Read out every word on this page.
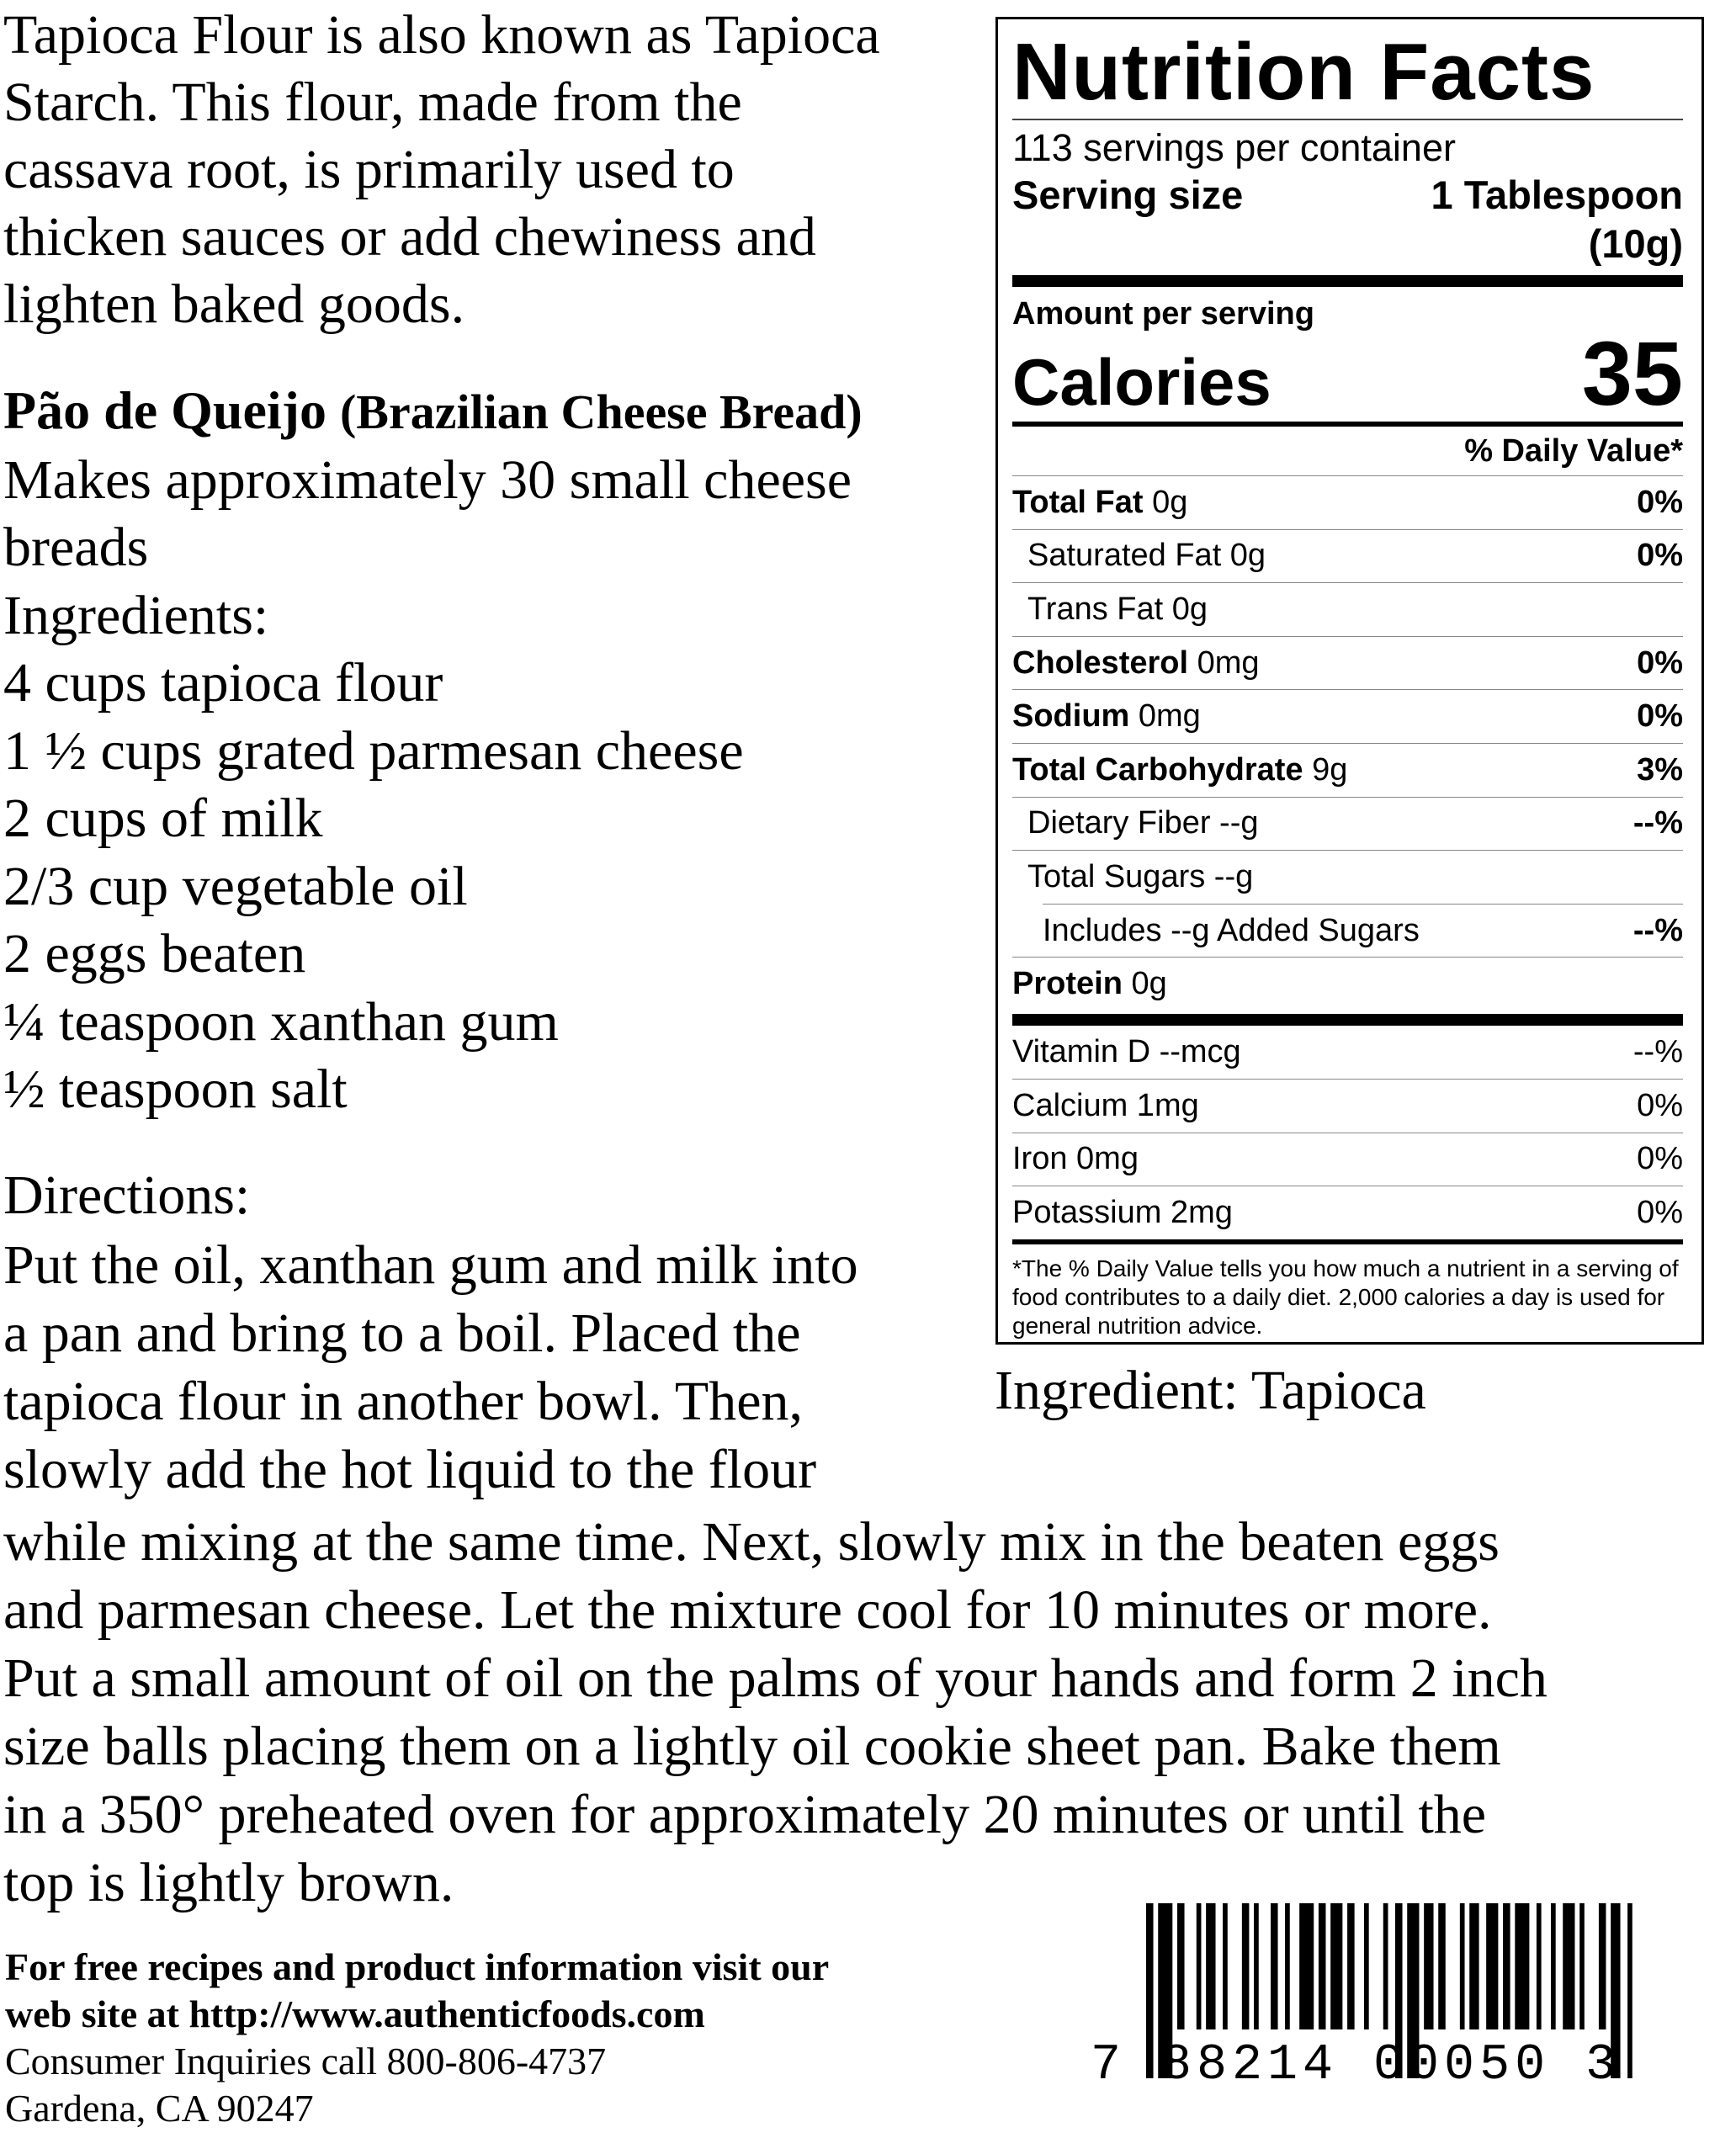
Tapioca Flour is also known as Tapioca
Starch. This flour, made from the
cassava root, is primarily used to
thicken sauces or add chewiness and
lighten baked goods.
Pão de Queijo (Brazilian Cheese Bread)
Makes approximately 30 small cheese
breads
Ingredients:
4 cups tapioca flour
1 ½ cups grated parmesan cheese
2 cups of milk
2/3 cup vegetable oil
2 eggs beaten
¼ teaspoon xanthan gum
½ teaspoon salt
Directions:
Put the oil, xanthan gum and milk into
a pan and bring to a boil. Placed the
tapioca flour in another bowl. Then,
slowly add the hot liquid to the flour
while mixing at the same time. Next, slowly mix in the beaten eggs
and parmesan cheese. Let the mixture cool for 10 minutes or more.
Put a small amount of oil on the palms of your hands and form 2 inch
size balls placing them on a lightly oil cookie sheet pan. Bake them
in a 350° preheated oven for approximately 20 minutes or until the
top is lightly brown.
Ingredient: Tapioca
Nutrition Facts
113 servings per container
Serving size	1 Tablespoon
(10g)
Amount per serving
Calories	35
% Daily Value*
Total Fat 0g	0%
Saturated Fat 0g	0%
Trans Fat 0g
Cholesterol 0mg	0%
Sodium 0mg	0%
Total Carbohydrate 9g	3%
Dietary Fiber --g	--%
Total Sugars --g
Includes --g Added Sugars	--%
Protein 0g
Vitamin D --mcg	--%
Calcium 1mg	0%
Iron 0mg	0%
Potassium 2mg	0%
*The % Daily Value tells you how much a nutrient in a serving of food contributes to a daily diet. 2,000 calories a day is used for general nutrition advice.
For free recipes and product information visit our
web site at http://www.authenticfoods.com
Consumer Inquiries call 800-806-4737
Gardena, CA 90247
7 88214 00050 3
